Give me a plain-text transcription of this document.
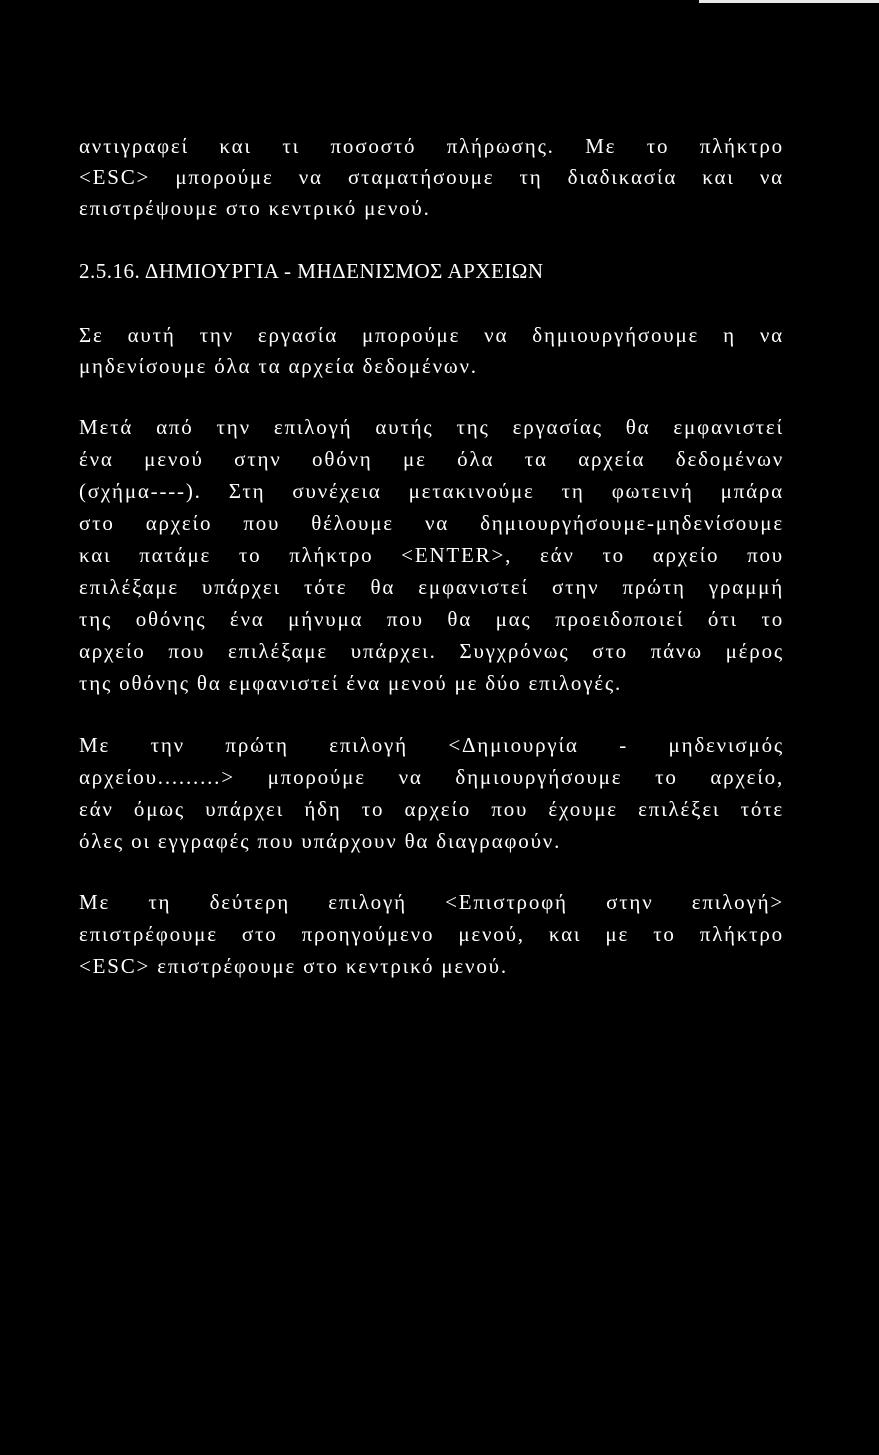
αντιγραφεί και τι ποσοστό πλήρωσης. Με το πλήκτρο
<ESC> μπορούμε να σταματήσουμε τη διαδικασία και να
επιστρέψουμε στο κεντρικό μενού.
2.5.16. ΔΗΜΙΟΥΡΓΙΑ - ΜΗΔΕΝΙΣΜΟΣ ΑΡΧΕΙΩΝ
Σε αυτή την εργασία μπορούμε να δημιουργήσουμε η να
μηδενίσουμε όλα τα αρχεία δεδομένων.
Μετά από την επιλογή αυτής της εργασίας θα εμφανιστεί
ένα μενού στην οθόνη με όλα τα αρχεία δεδομένων
(σχήμα----). Στη συνέχεια μετακινούμε τη φωτεινή μπάρα
στο αρχείο που θέλουμε να δημιουργήσουμε-μηδενίσουμε
και πατάμε το πλήκτρο <ENTER>, εάν το αρχείο που
επιλέξαμε υπάρχει τότε θα εμφανιστεί στην πρώτη γραμμή
της οθόνης ένα μήνυμα που θα μας προειδοποιεί ότι το
αρχείο που επιλέξαμε υπάρχει. Συγχρόνως στο πάνω μέρος
της οθόνης θα εμφανιστεί ένα μενού με δύο επιλογές.
Με την πρώτη επιλογή <Δημιουργία - μηδενισμός
αρχείου.........> μπορούμε να δημιουργήσουμε το αρχείο,
εάν όμως υπάρχει ήδη το αρχείο που έχουμε επιλέξει τότε
όλες οι εγγραφές που υπάρχουν θα διαγραφούν.
Με τη δεύτερη επιλογή <Επιστροφή στην επιλογή>
επιστρέφουμε στο προηγούμενο μενού, και με το πλήκτρο
<ESC> επιστρέφουμε στο κεντρικό μενού.
